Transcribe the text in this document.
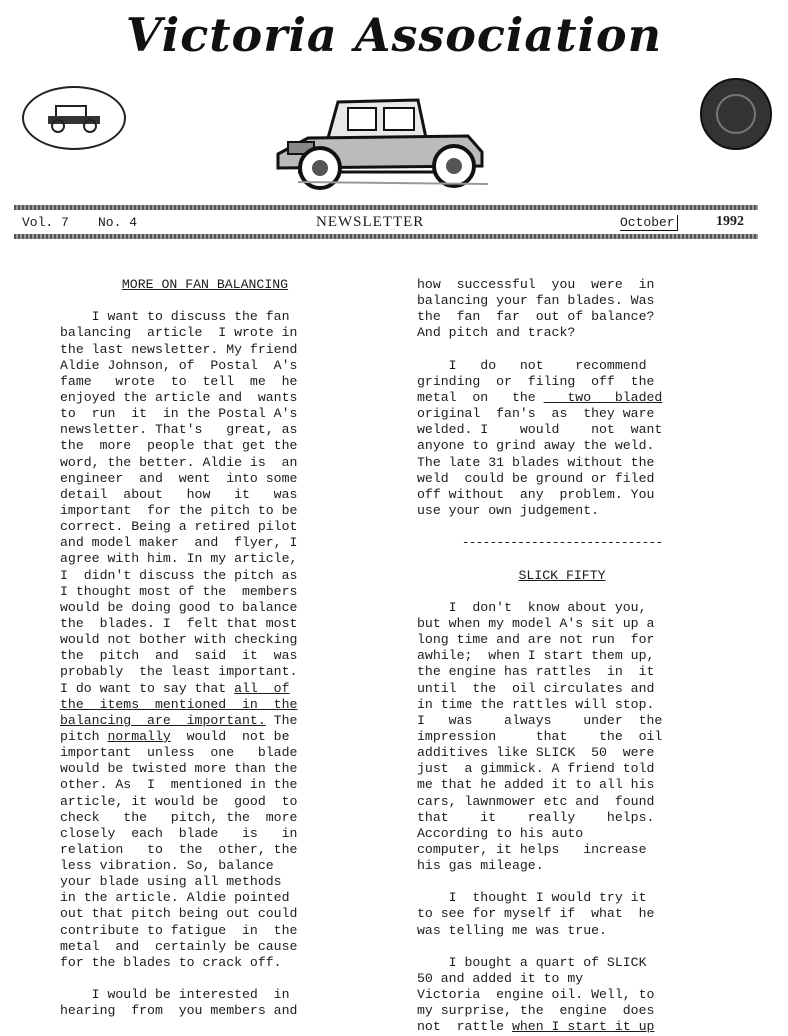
Victoria Association
Vol. 7 No. 4	NEWSLETTER	October	1992
MORE ON FAN BALANCING
I want to discuss the fan
balancing  article  I wrote in
the last newsletter. My friend
Aldie Johnson, of  Postal  A's
fame   wrote  to  tell  me  he
enjoyed the article and  wants
to  run  it  in the Postal A's
newsletter. That's   great, as
the  more  people that get the
word, the better. Aldie is  an
engineer  and  went  into some
detail  about   how   it   was
important  for the pitch to be
correct. Being a retired pilot
and model maker  and  flyer, I
agree with him. In my article,
I  didn't discuss the pitch as
I thought most of the  members
would be doing good to balance
the  blades. I  felt that most
would not bother with checking
the  pitch  and  said  it  was
probably  the least important.
I do want to say that all  of
the  items  mentioned  in  the
balancing  are  important. The
pitch normally  would  not be
important  unless  one   blade
would be twisted more than the
other. As  I  mentioned in the
article, it would be  good  to
check   the   pitch, the  more
closely  each  blade   is   in
relation   to  the  other, the
less vibration. So, balance
your blade using all methods
in the article. Aldie pointed
out that pitch being out could
contribute to fatigue  in  the
metal  and  certainly be cause
for the blades to crack off.
I would be interested  in
hearing  from  you members and
how  successful  you  were  in
balancing your fan blades. Was
the  fan  far  out of balance?
And pitch and track?
I   do   not    recommend
grinding  or  filing  off  the
metal  on   the    two   bladed
original  fan's  as  they ware
welded. I    would    not  want
anyone to grind away the weld.
The late 31 blades without the
weld  could be ground or filed
off without  any  problem. You
use your own judgement.
-----------------------------
SLICK FIFTY
I  don't  know about you,
but when my model A's sit up a
long time and are not run  for
awhile;  when I start them up,
the engine has rattles  in  it
until  the  oil circulates and
in time the rattles will stop.
I   was    always    under  the
impression     that    the  oil
additives like SLICK  50  were
just  a gimmick. A friend told
me that he added it to all his
cars, lawnmower etc and  found
that    it    really    helps.
According to his auto
computer, it helps   increase
his gas mileage.
I  thought I would try it
to see for myself if  what  he
was telling me was true.
I bought a quart of SLICK
50 and added it to my
Victoria  engine oil. Well, to
my surprise, the  engine  does
not  rattle when I start it up
